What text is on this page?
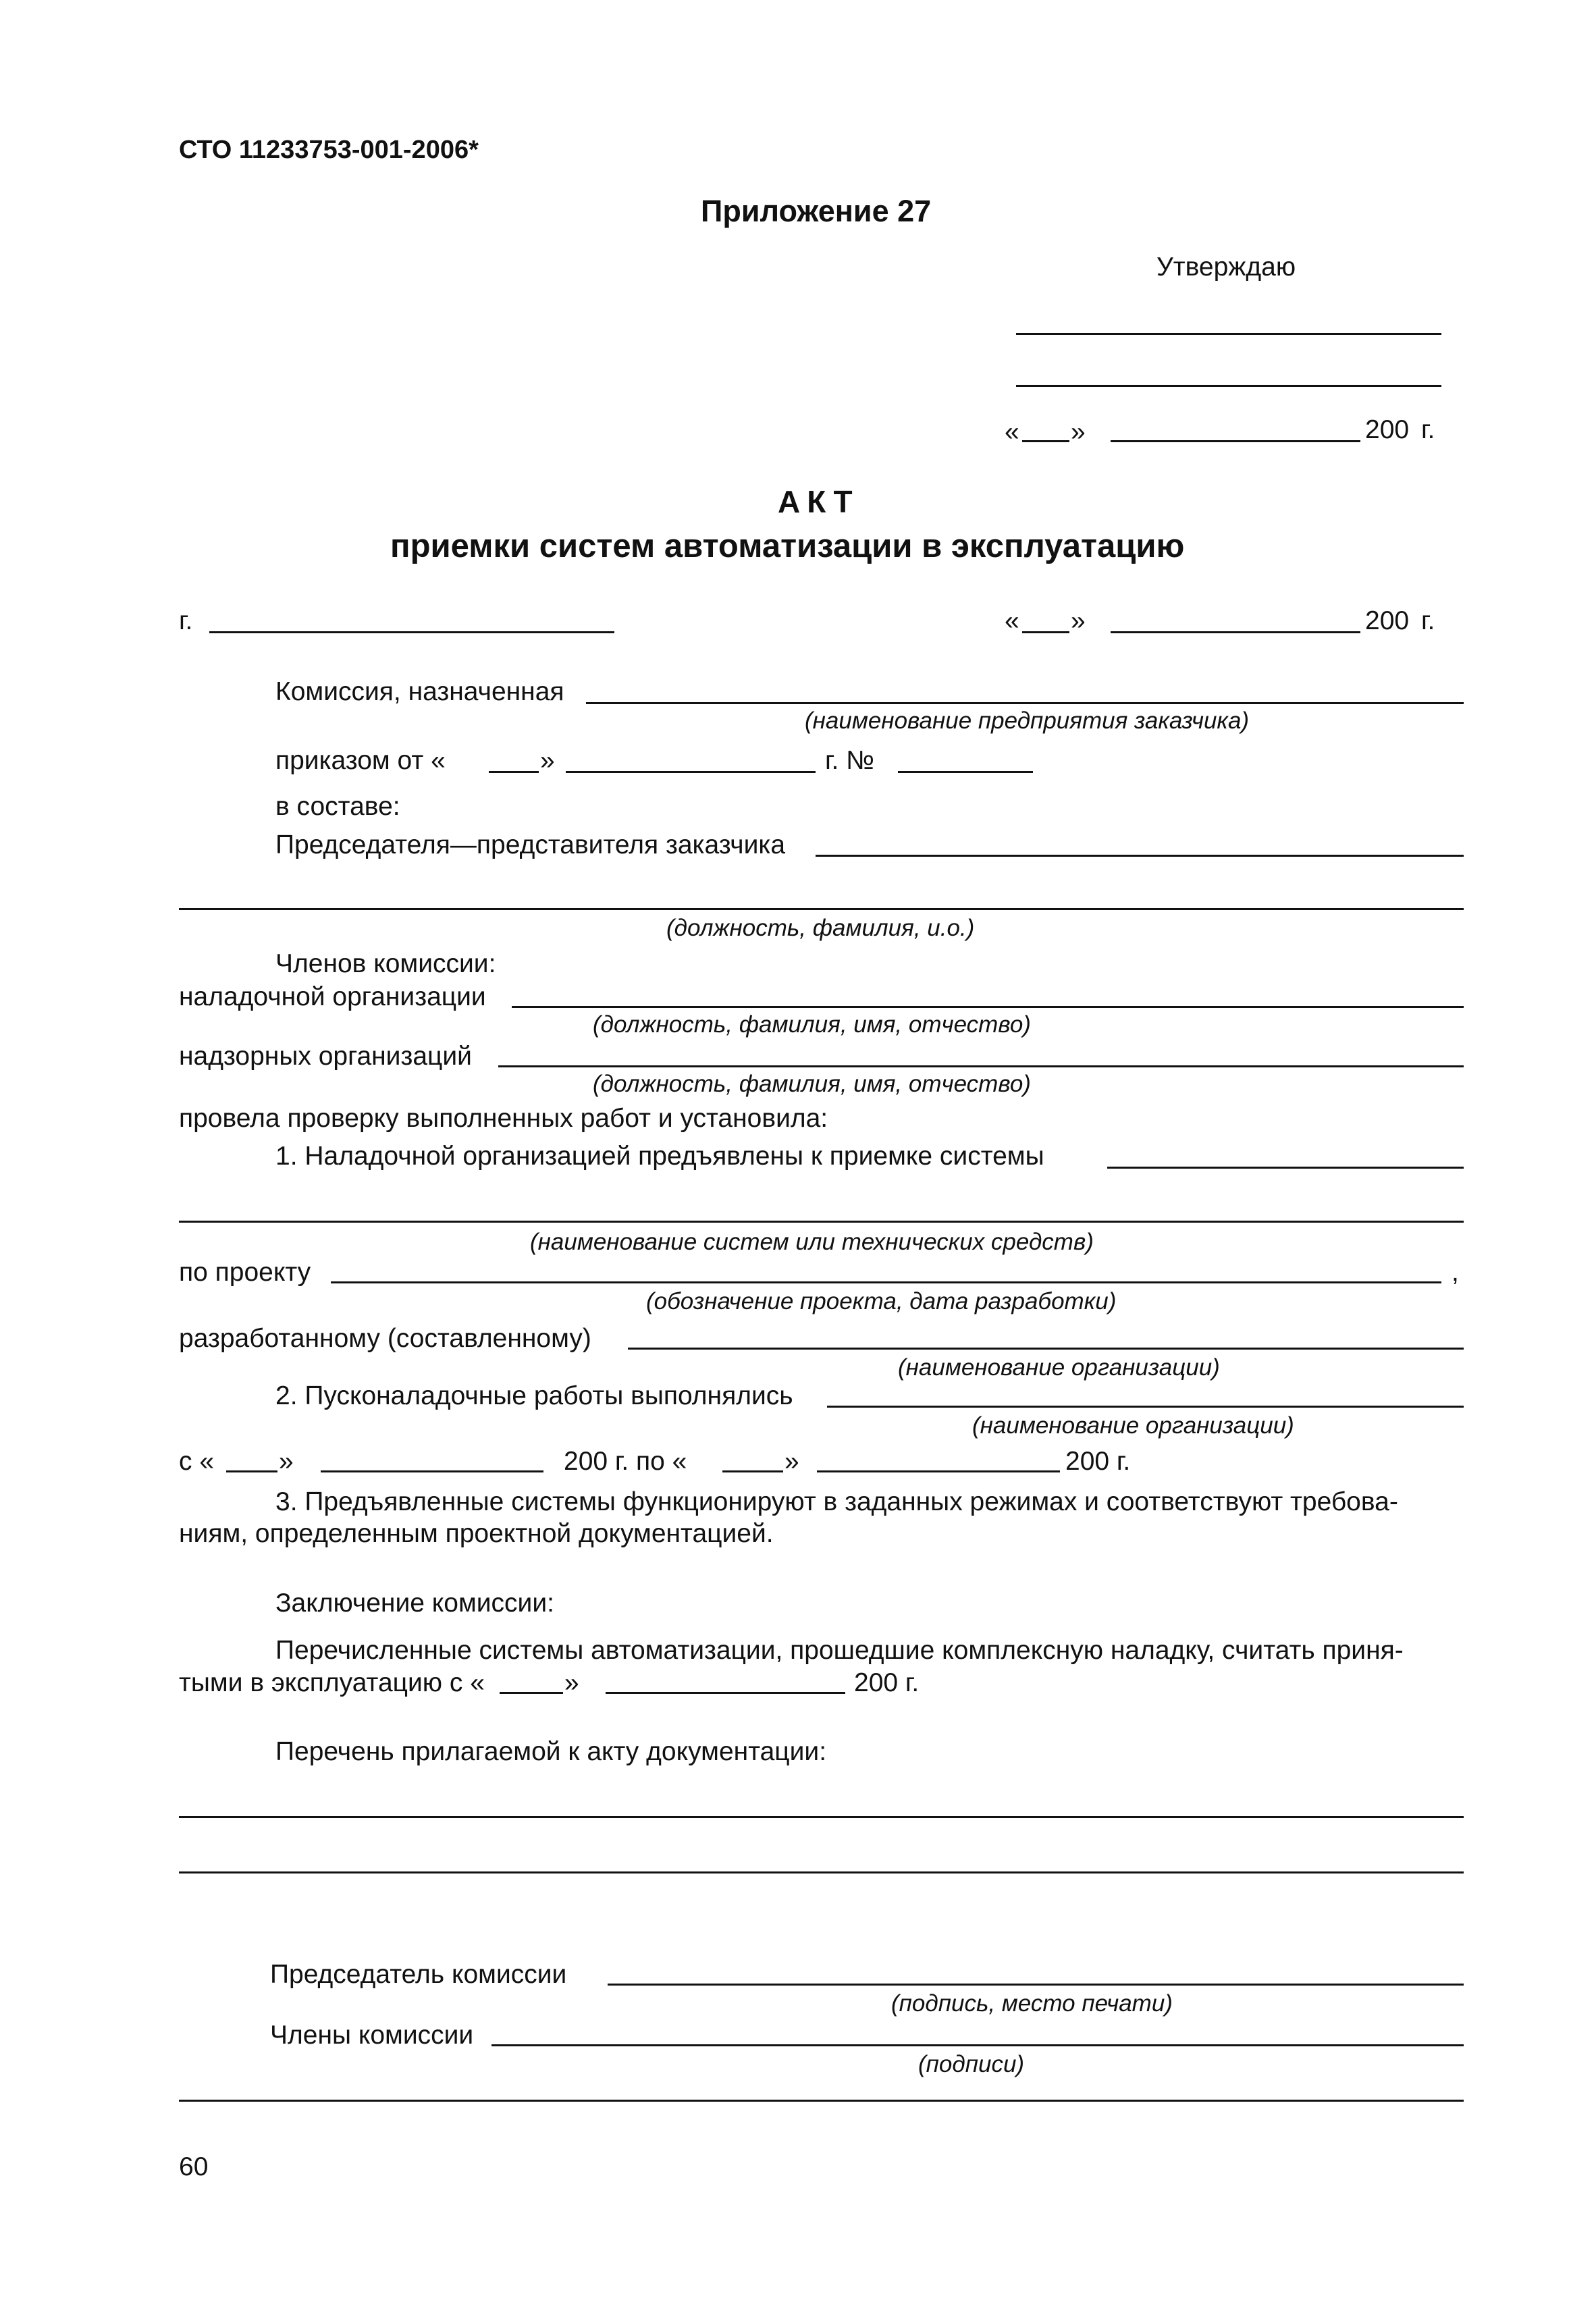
СТО 11233753-001-2006*
Приложение 27
Утверждаю
« »	200 г.
АКТ
приемки систем автоматизации в эксплуатацию
г.	« »	200 г.
Комиссия, назначенная
(наименование предприятия заказчика)
приказом от «	»	г. №
в составе:
Председателя—представителя заказчика
(должность, фамилия, и.о.)
Членов комиссии:
наладочной организации
(должность, фамилия, имя, отчество)
надзорных организаций
(должность, фамилия, имя, отчество)
провела проверку выполненных работ и установила:
1. Наладочной организацией предъявлены к приемке системы
(наименование систем или технических средств)
по проекту	,
(обозначение проекта, дата разработки)
разработанному (составленному)
(наименование организации)
2. Пусконаладочные работы выполнялись
(наименование организации)
с « »	200 г. по «	»	200 г.
3. Предъявленные системы функционируют в заданных режимах и соответствуют требова-
ниям, определенным проектной документацией.
Заключение комиссии:
Перечисленные системы автоматизации, прошедшие комплексную наладку, считать приня-
тыми в эксплуатацию с «	»	200 г.
Перечень прилагаемой к акту документации:
Председатель комиссии
(подпись, место печати)
Члены комиссии
(подписи)
60
